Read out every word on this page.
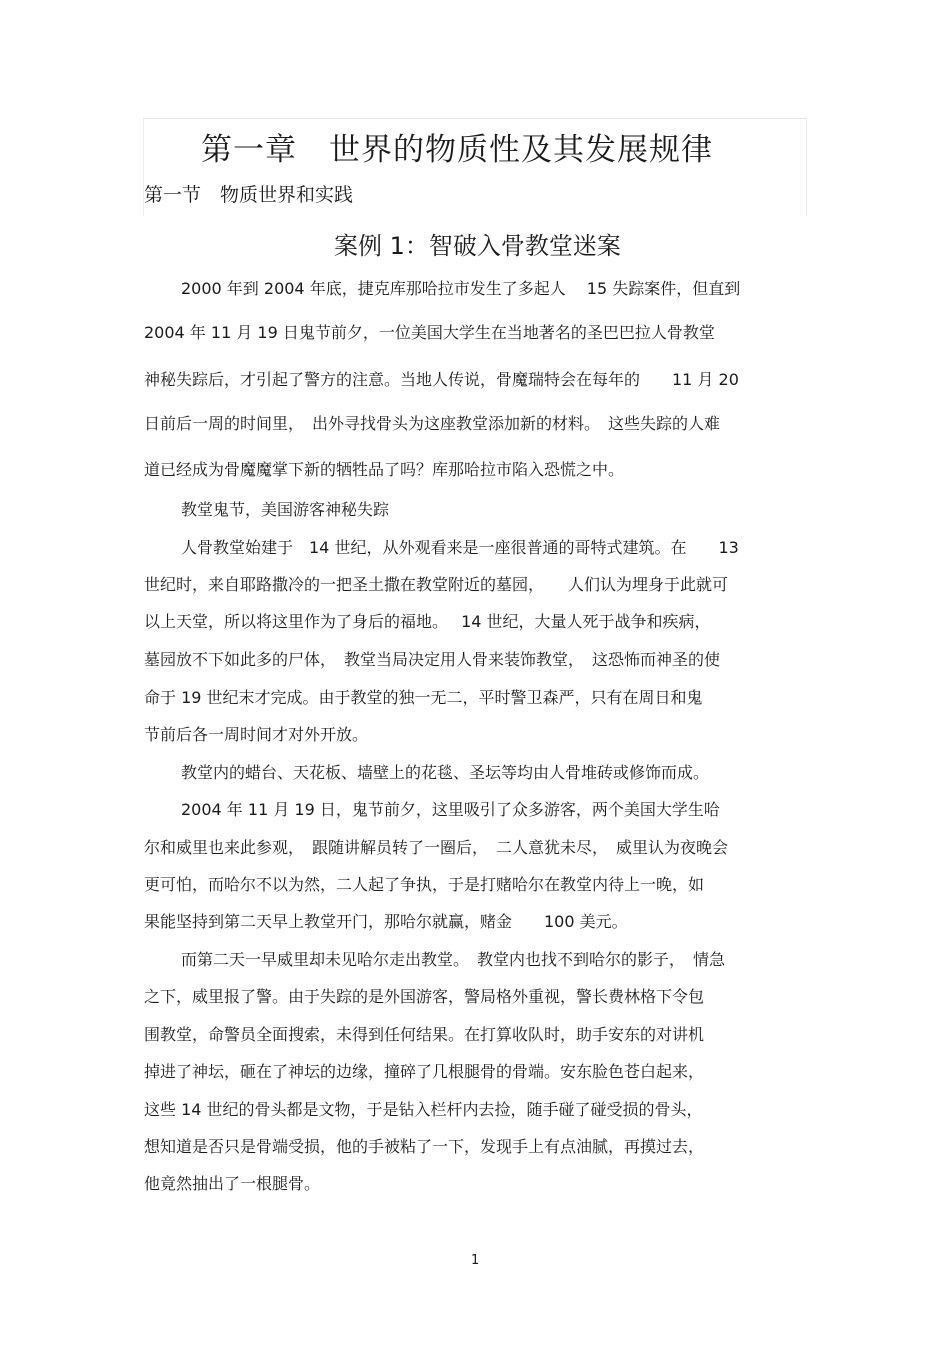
第一章　世界的物质性及其发展规律
第一节　物质世界和实践
案例 1：智破入骨教堂迷案
2000 年到 2004 年底，捷克库那哈拉市发生了多起人　 15 失踪案件，但直到
2004 年 11 月 19 日鬼节前夕，一位美国大学生在当地著名的圣巴巴拉人骨教堂
神秘失踪后，才引起了警方的注意。当地人传说，骨魔瑞特会在每年的　　11 月 20
日前后一周的时间里，　出外寻找骨头为这座教堂添加新的材料。　这些失踪的人难
道已经成为骨魔魔掌下新的牺牲品了吗？库那哈拉市陷入恐慌之中。
教堂鬼节，美国游客神秘失踪
人骨教堂始建于　14 世纪，从外观看来是一座很普通的哥特式建筑。在　　13
世纪时，来自耶路撒冷的一把圣土撒在教堂附近的墓园，　　人们认为埋身于此就可
以上天堂，所以将这里作为了身后的福地。　 14 世纪，大量人死于战争和疾病，
墓园放不下如此多的尸体，　教堂当局决定用人骨来装饰教堂，　这恐怖而神圣的使
命于 19 世纪末才完成。由于教堂的独一无二，平时警卫森严，只有在周日和鬼
节前后各一周时间才对外开放。
教堂内的蜡台、天花板、墙壁上的花毯、圣坛等均由人骨堆砖或修饰而成。
2004 年 11 月 19 日，鬼节前夕，这里吸引了众多游客，两个美国大学生哈
尔和威里也来此参观，　跟随讲解员转了一圈后，　二人意犹未尽，　威里认为夜晚会
更可怕，而哈尔不以为然，二人起了争执，于是打赌哈尔在教堂内待上一晚，如
果能坚持到第二天早上教堂开门，那哈尔就赢，赌金　　100 美元。
而第二天一早威里却未见哈尔走出教堂。　教堂内也找不到哈尔的影子，　情急
之下，威里报了警。由于失踪的是外国游客，警局格外重视，警长费林格下令包
围教堂，命警员全面搜索，未得到任何结果。在打算收队时，助手安东的对讲机
掉进了神坛，砸在了神坛的边缘，撞碎了几根腿骨的骨端。安东脸色苍白起来，
这些 14 世纪的骨头都是文物，于是钻入栏杆内去捡，随手碰了碰受损的骨头，
想知道是否只是骨端受损，他的手被粘了一下，发现手上有点油腻，再摸过去，
他竟然抽出了一根腿骨。
1
